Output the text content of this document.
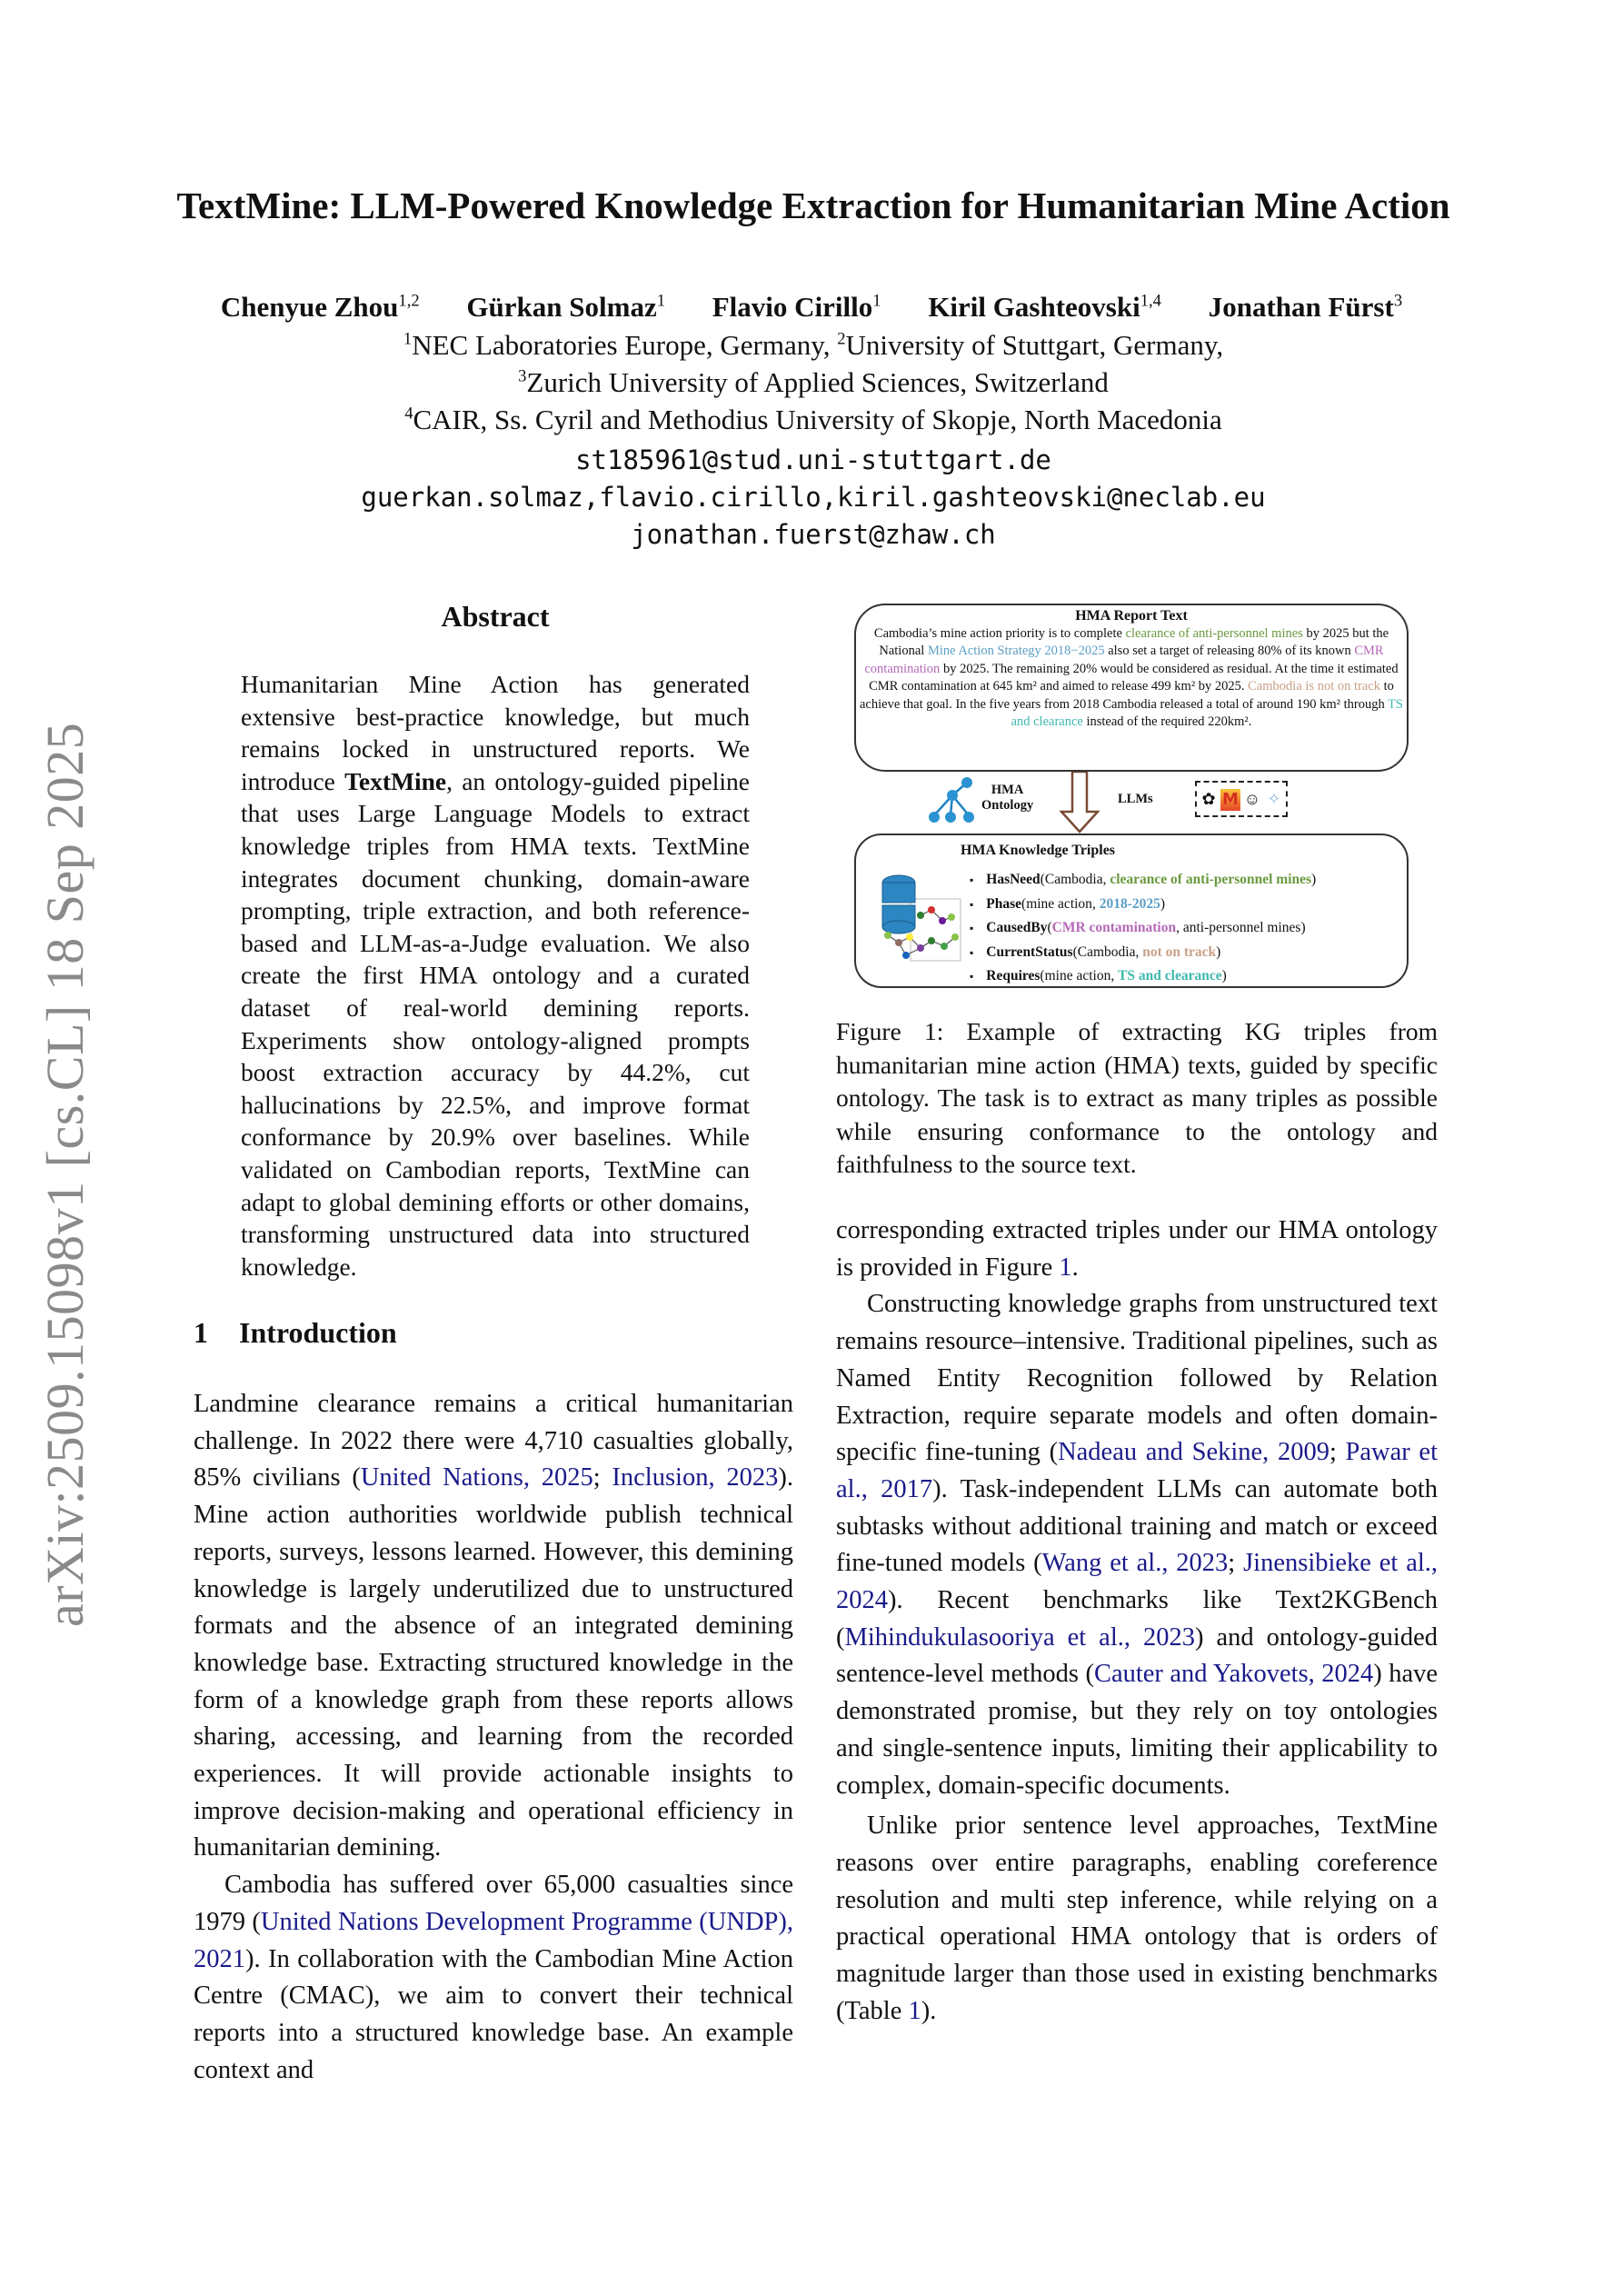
arXiv:2509.15098v1 [cs.CL] 18 Sep 2025
TextMine: LLM-Powered Knowledge Extraction for Humanitarian Mine Action
Chenyue Zhou$^{1,2}$ Gürkan Solmaz$^1$ Flavio Cirillo$^1$ Kiril Gashteovski$^{1,4}$ Jonathan Fürst$^3$
$^1$NEC Laboratories Europe, Germany, $^2$University of Stuttgart, Germany,
$^3$Zurich University of Applied Sciences, Switzerland
$^4$CAIR, Ss. Cyril and Methodius University of Skopje, North Macedonia
st185961@stud.uni-stuttgart.de
guerkan.solmaz,flavio.cirillo,kiril.gashteovski@neclab.eu
jonathan.fuerst@zhaw.ch
Abstract
Humanitarian Mine Action has generated extensive best-practice knowledge, but much remains locked in unstructured reports. We introduce TextMine, an ontology-guided pipeline that uses Large Language Models to extract knowledge triples from HMA texts. TextMine integrates document chunking, domain-aware prompting, triple extraction, and both reference-based and LLM-as-a-Judge evaluation. We also create the first HMA ontology and a curated dataset of real-world demining reports. Experiments show ontology-aligned prompts boost extraction accuracy by 44.2%, cut hallucinations by 22.5%, and improve format conformance by 20.9% over baselines. While validated on Cambodian reports, TextMine can adapt to global demining efforts or other domains, transforming unstructured data into structured knowledge.
1 Introduction

Landmine clearance remains a critical humanitarian challenge. In 2022 there were 4,710 casualties globally, 85% civilians (United Nations, 2025; Inclusion, 2023). Mine action authorities worldwide publish technical reports, surveys, lessons learned. However, this demining knowledge is largely underutilized due to unstructured formats and the absence of an integrated demining knowledge base. Extracting structured knowledge in the form of a knowledge graph from these reports allows sharing, accessing, and learning from the recorded experiences. It will provide actionable insights to improve decision-making and operational efficiency in humanitarian demining.

Cambodia has suffered over 65,000 casualties since 1979 (United Nations Development Programme (UNDP), 2021). In collaboration with the Cambodian Mine Action Centre (CMAC), we aim to convert their technical reports into a structured knowledge base. An example context and

HMA Report Text
Cambodia’s mine action priority is to complete clearance of anti-personnel mines by 2025 but the National Mine Action Strategy 2018−2025 also set a target of releasing 80% of its known CMR contamination by 2025. The remaining 20% would be considered as residual. At the time it estimated CMR contamination at 645 km² and aimed to release 499 km² by 2025. Cambodia is not on track to achieve that goal. In the five years from 2018 Cambodia released a total of around 190 km² through TS and clearance instead of the required 220km².
HMA
Ontology	LLMs	✿ M ☺ ✧
HMA Knowledge Triples
▪ HasNeed(Cambodia, clearance of anti-personnel mines)
▪ Phase(mine action, 2018-2025)
▪ CausedBy(CMR contamination, anti-personnel mines)
▪ CurrentStatus(Cambodia, not on track)
▪ Requires(mine action, TS and clearance)
Figure 1: Example of extracting KG triples from humanitarian mine action (HMA) texts, guided by specific ontology. The task is to extract as many triples as possible while ensuring conformance to the ontology and faithfulness to the source text.

corresponding extracted triples under our HMA ontology is provided in Figure 1.

Constructing knowledge graphs from unstructured text remains resource–intensive. Traditional pipelines, such as Named Entity Recognition followed by Relation Extraction, require separate models and often domain-specific fine-tuning (Nadeau and Sekine, 2009; Pawar et al., 2017). Task-independent LLMs can automate both subtasks without additional training and match or exceed fine-tuned models (Wang et al., 2023; Jinensibieke et al., 2024). Recent benchmarks like Text2KGBench (Mihindukulasooriya et al., 2023) and ontology-guided sentence-level methods (Cauter and Yakovets, 2024) have demonstrated promise, but they rely on toy ontologies and single-sentence inputs, limiting their applicability to complex, domain-specific documents.

Unlike prior sentence level approaches, TextMine reasons over entire paragraphs, enabling coreference resolution and multi step inference, while relying on a practical operational HMA ontology that is orders of magnitude larger than those used in existing benchmarks (Table 1).
